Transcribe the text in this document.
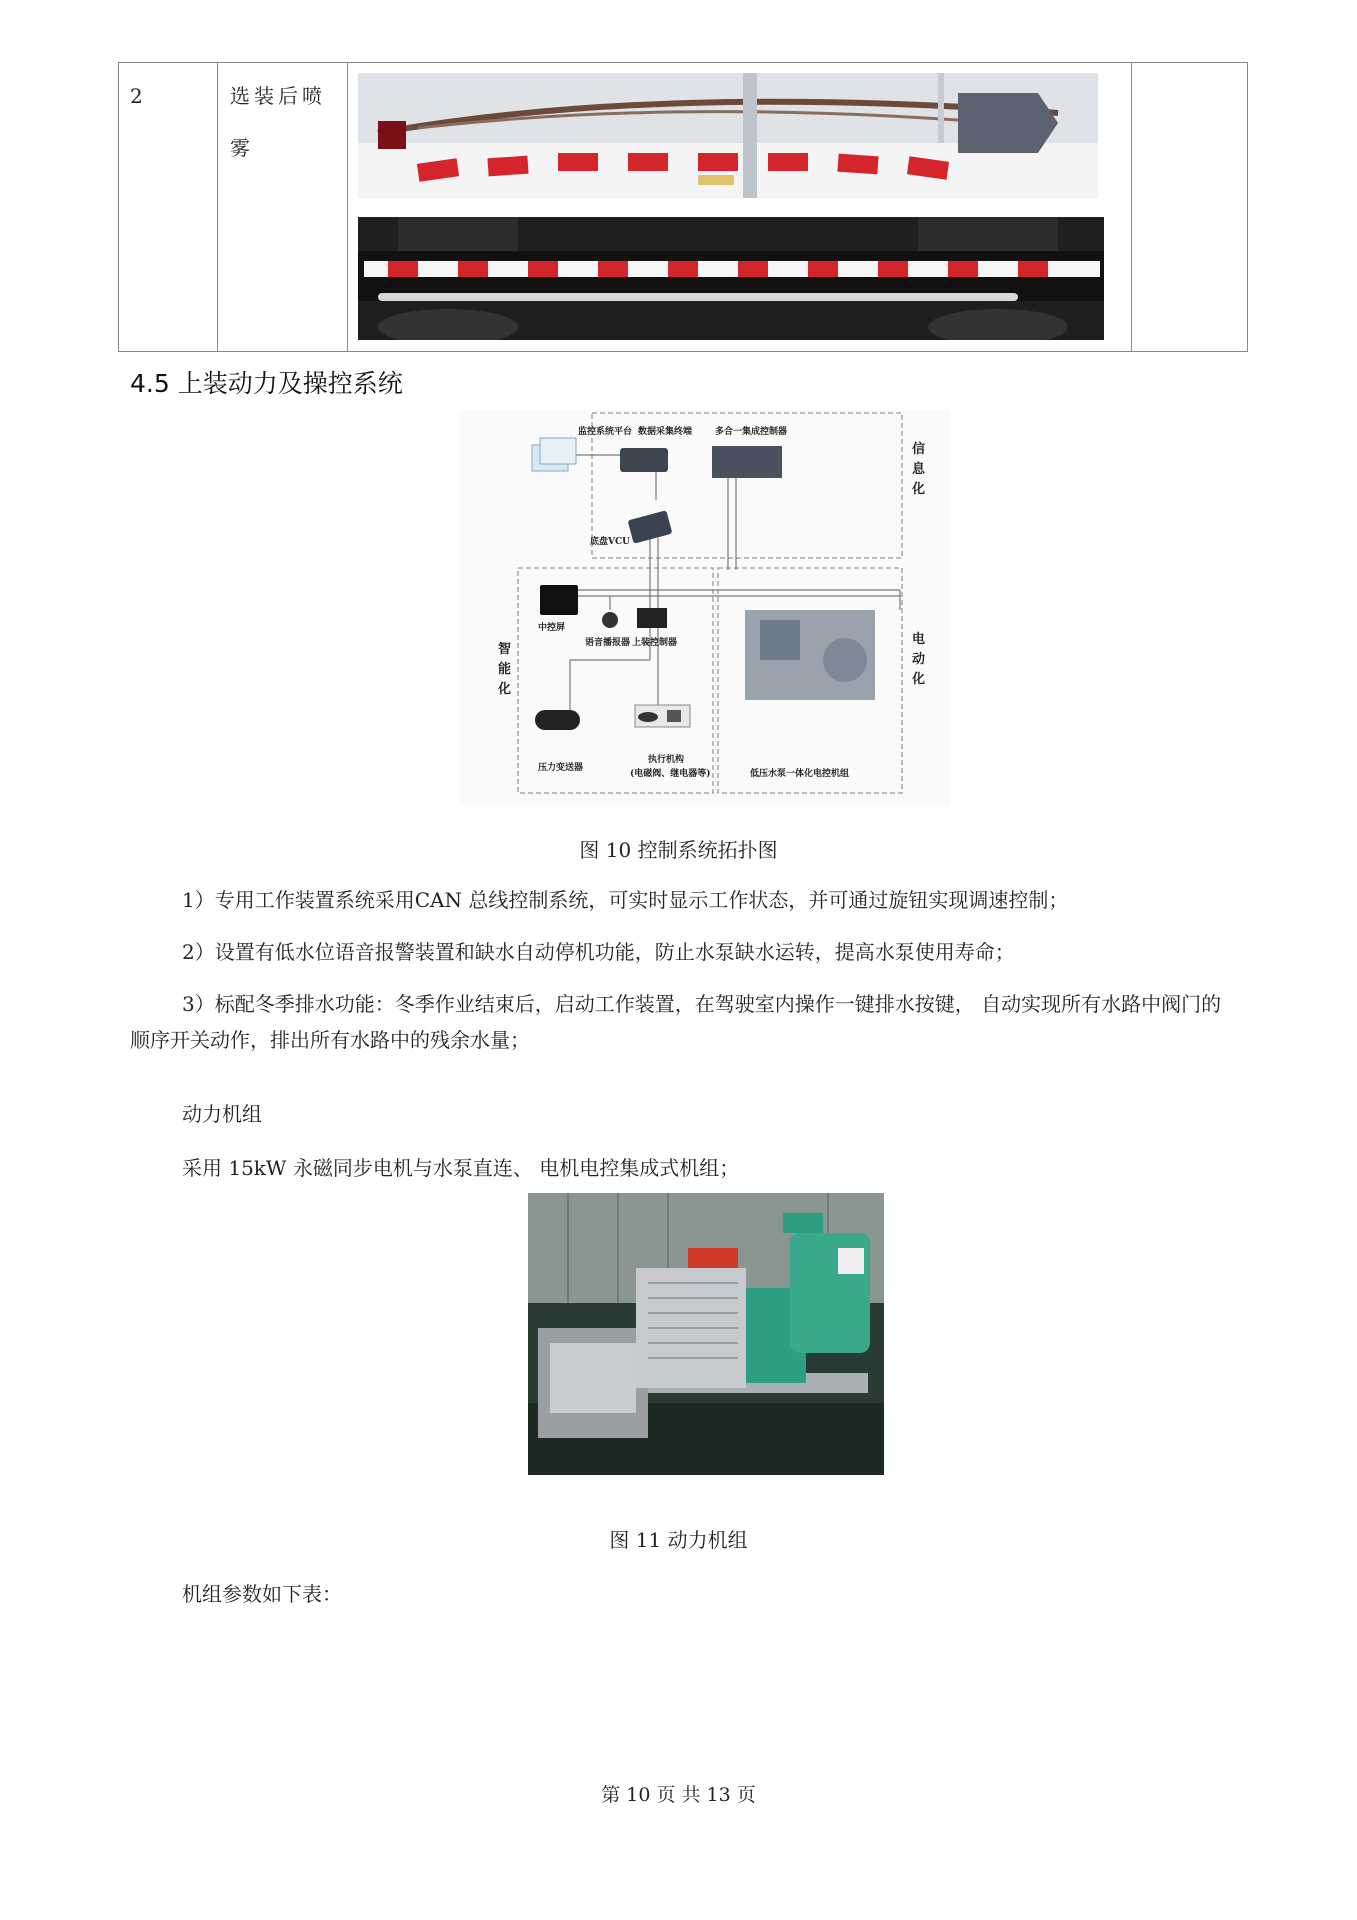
2	选装后喷雾
4.5 上装动力及操控系统
监控系统平台 数据采集终端	多合一集成控制器
底盘VCU
信息化
中控屏
语音播报器 上装控制器
智能化
电动化
压力变送器
执行机构
(电磁阀、继电器等)	低压水泵一体化电控机组
图 10 控制系统拓扑图
1）专用工作装置系统采用CAN 总线控制系统，可实时显示工作状态，并可通过旋钮实现调速控制；
2）设置有低水位语音报警装置和缺水自动停机功能，防止水泵缺水运转，提高水泵使用寿命；
3）标配冬季排水功能：冬季作业结束后，启动工作装置，在驾驶室内操作一键排水按键， 自动实现所有水路中阀门的顺序开关动作，排出所有水路中的残余水量；
动力机组
采用 15kW 永磁同步电机与水泵直连、 电机电控集成式机组；
图 11 动力机组
机组参数如下表：
第 10 页 共 13 页
